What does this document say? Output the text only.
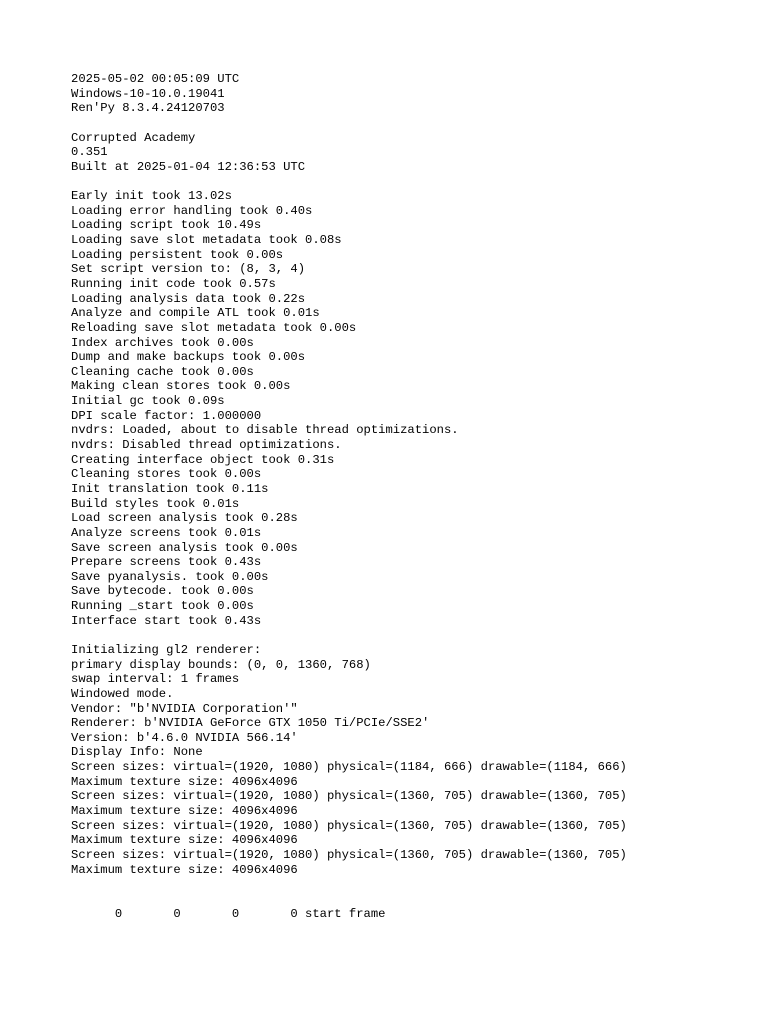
2025-05-02 00:05:09 UTC
Windows-10-10.0.19041
Ren'Py 8.3.4.24120703
Corrupted Academy
0.351
Built at 2025-01-04 12:36:53 UTC
Early init took 13.02s
Loading error handling took 0.40s
Loading script took 10.49s
Loading save slot metadata took 0.08s
Loading persistent took 0.00s
Set script version to: (8, 3, 4)
Running init code took 0.57s
Loading analysis data took 0.22s
Analyze and compile ATL took 0.01s
Reloading save slot metadata took 0.00s
Index archives took 0.00s
Dump and make backups took 0.00s
Cleaning cache took 0.00s
Making clean stores took 0.00s
Initial gc took 0.09s
DPI scale factor: 1.000000
nvdrs: Loaded, about to disable thread optimizations.
nvdrs: Disabled thread optimizations.
Creating interface object took 0.31s
Cleaning stores took 0.00s
Init translation took 0.11s
Build styles took 0.01s
Load screen analysis took 0.28s
Analyze screens took 0.01s
Save screen analysis took 0.00s
Prepare screens took 0.43s
Save pyanalysis. took 0.00s
Save bytecode. took 0.00s
Running _start took 0.00s
Interface start took 0.43s
Initializing gl2 renderer:
primary display bounds: (0, 0, 1360, 768)
swap interval: 1 frames
Windowed mode.
Vendor: "b'NVIDIA Corporation'"
Renderer: b'NVIDIA GeForce GTX 1050 Ti/PCIe/SSE2'
Version: b'4.6.0 NVIDIA 566.14'
Display Info: None
Screen sizes: virtual=(1920, 1080) physical=(1184, 666) drawable=(1184, 666)
Maximum texture size: 4096x4096
Screen sizes: virtual=(1920, 1080) physical=(1360, 705) drawable=(1360, 705)
Maximum texture size: 4096x4096
Screen sizes: virtual=(1920, 1080) physical=(1360, 705) drawable=(1360, 705)
Maximum texture size: 4096x4096
Screen sizes: virtual=(1920, 1080) physical=(1360, 705) drawable=(1360, 705)
Maximum texture size: 4096x4096
0       0       0       0 start frame
